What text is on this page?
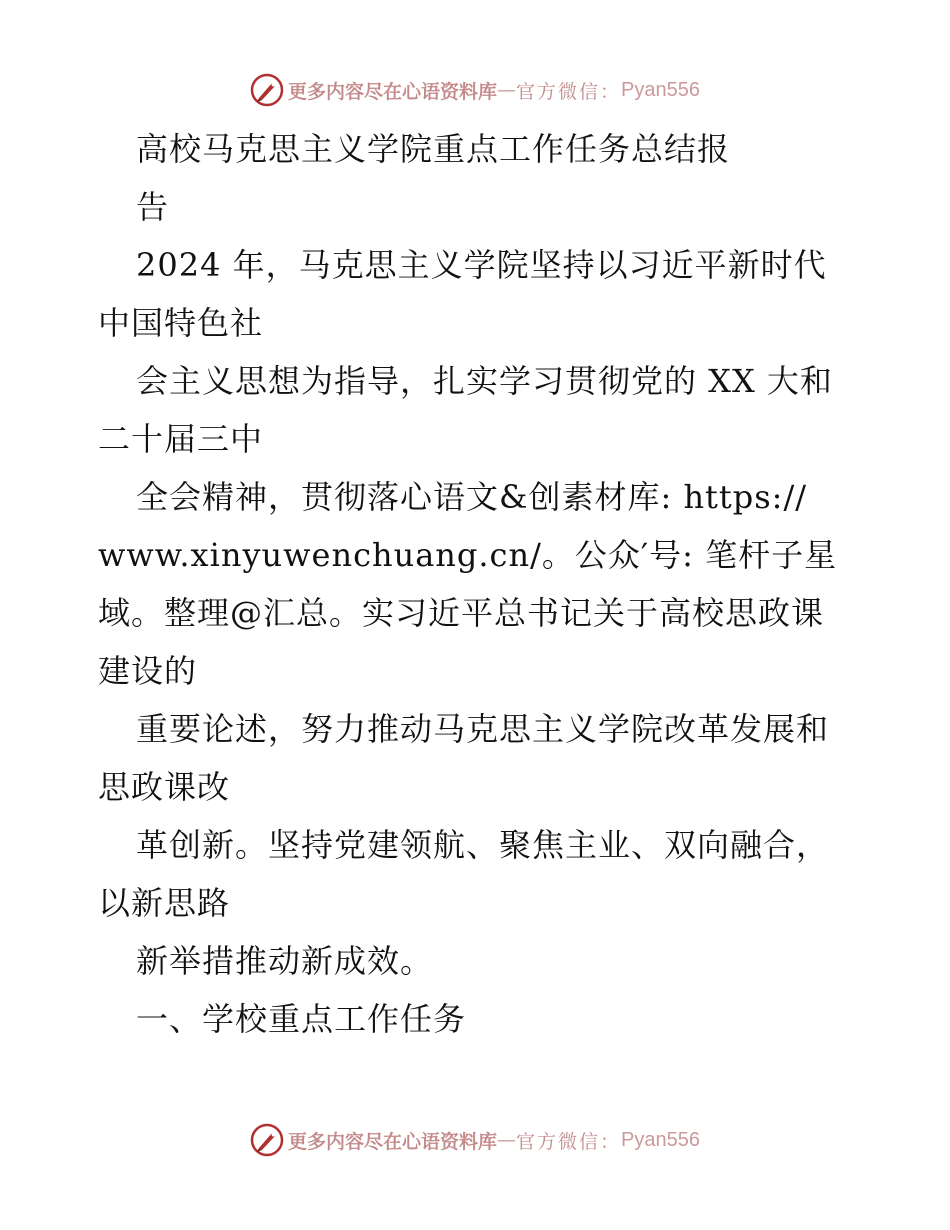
更多内容尽在心语资料库 — 官方微信： Pyan556
高校马克思主义学院重点工作任务总结报
告
2024 年，马克思主义学院坚持以习近平新时代
中国特色社
会主义思想为指导，扎实学习贯彻党的 XX 大和
二十届三中
全会精神，贯彻落心语文&创素材库: https://
www.xinyuwenchuang.cn/。公众′号: 笔杆子星
域。整理@汇总。实习近平总书记关于高校思政课
建设的
重要论述，努力推动马克思主义学院改革发展和
思政课改
革创新。坚持党建领航、聚焦主业、双向融合，
以新思路
新举措推动新成效。
一、学校重点工作任务
更多内容尽在心语资料库 — 官方微信： Pyan556
